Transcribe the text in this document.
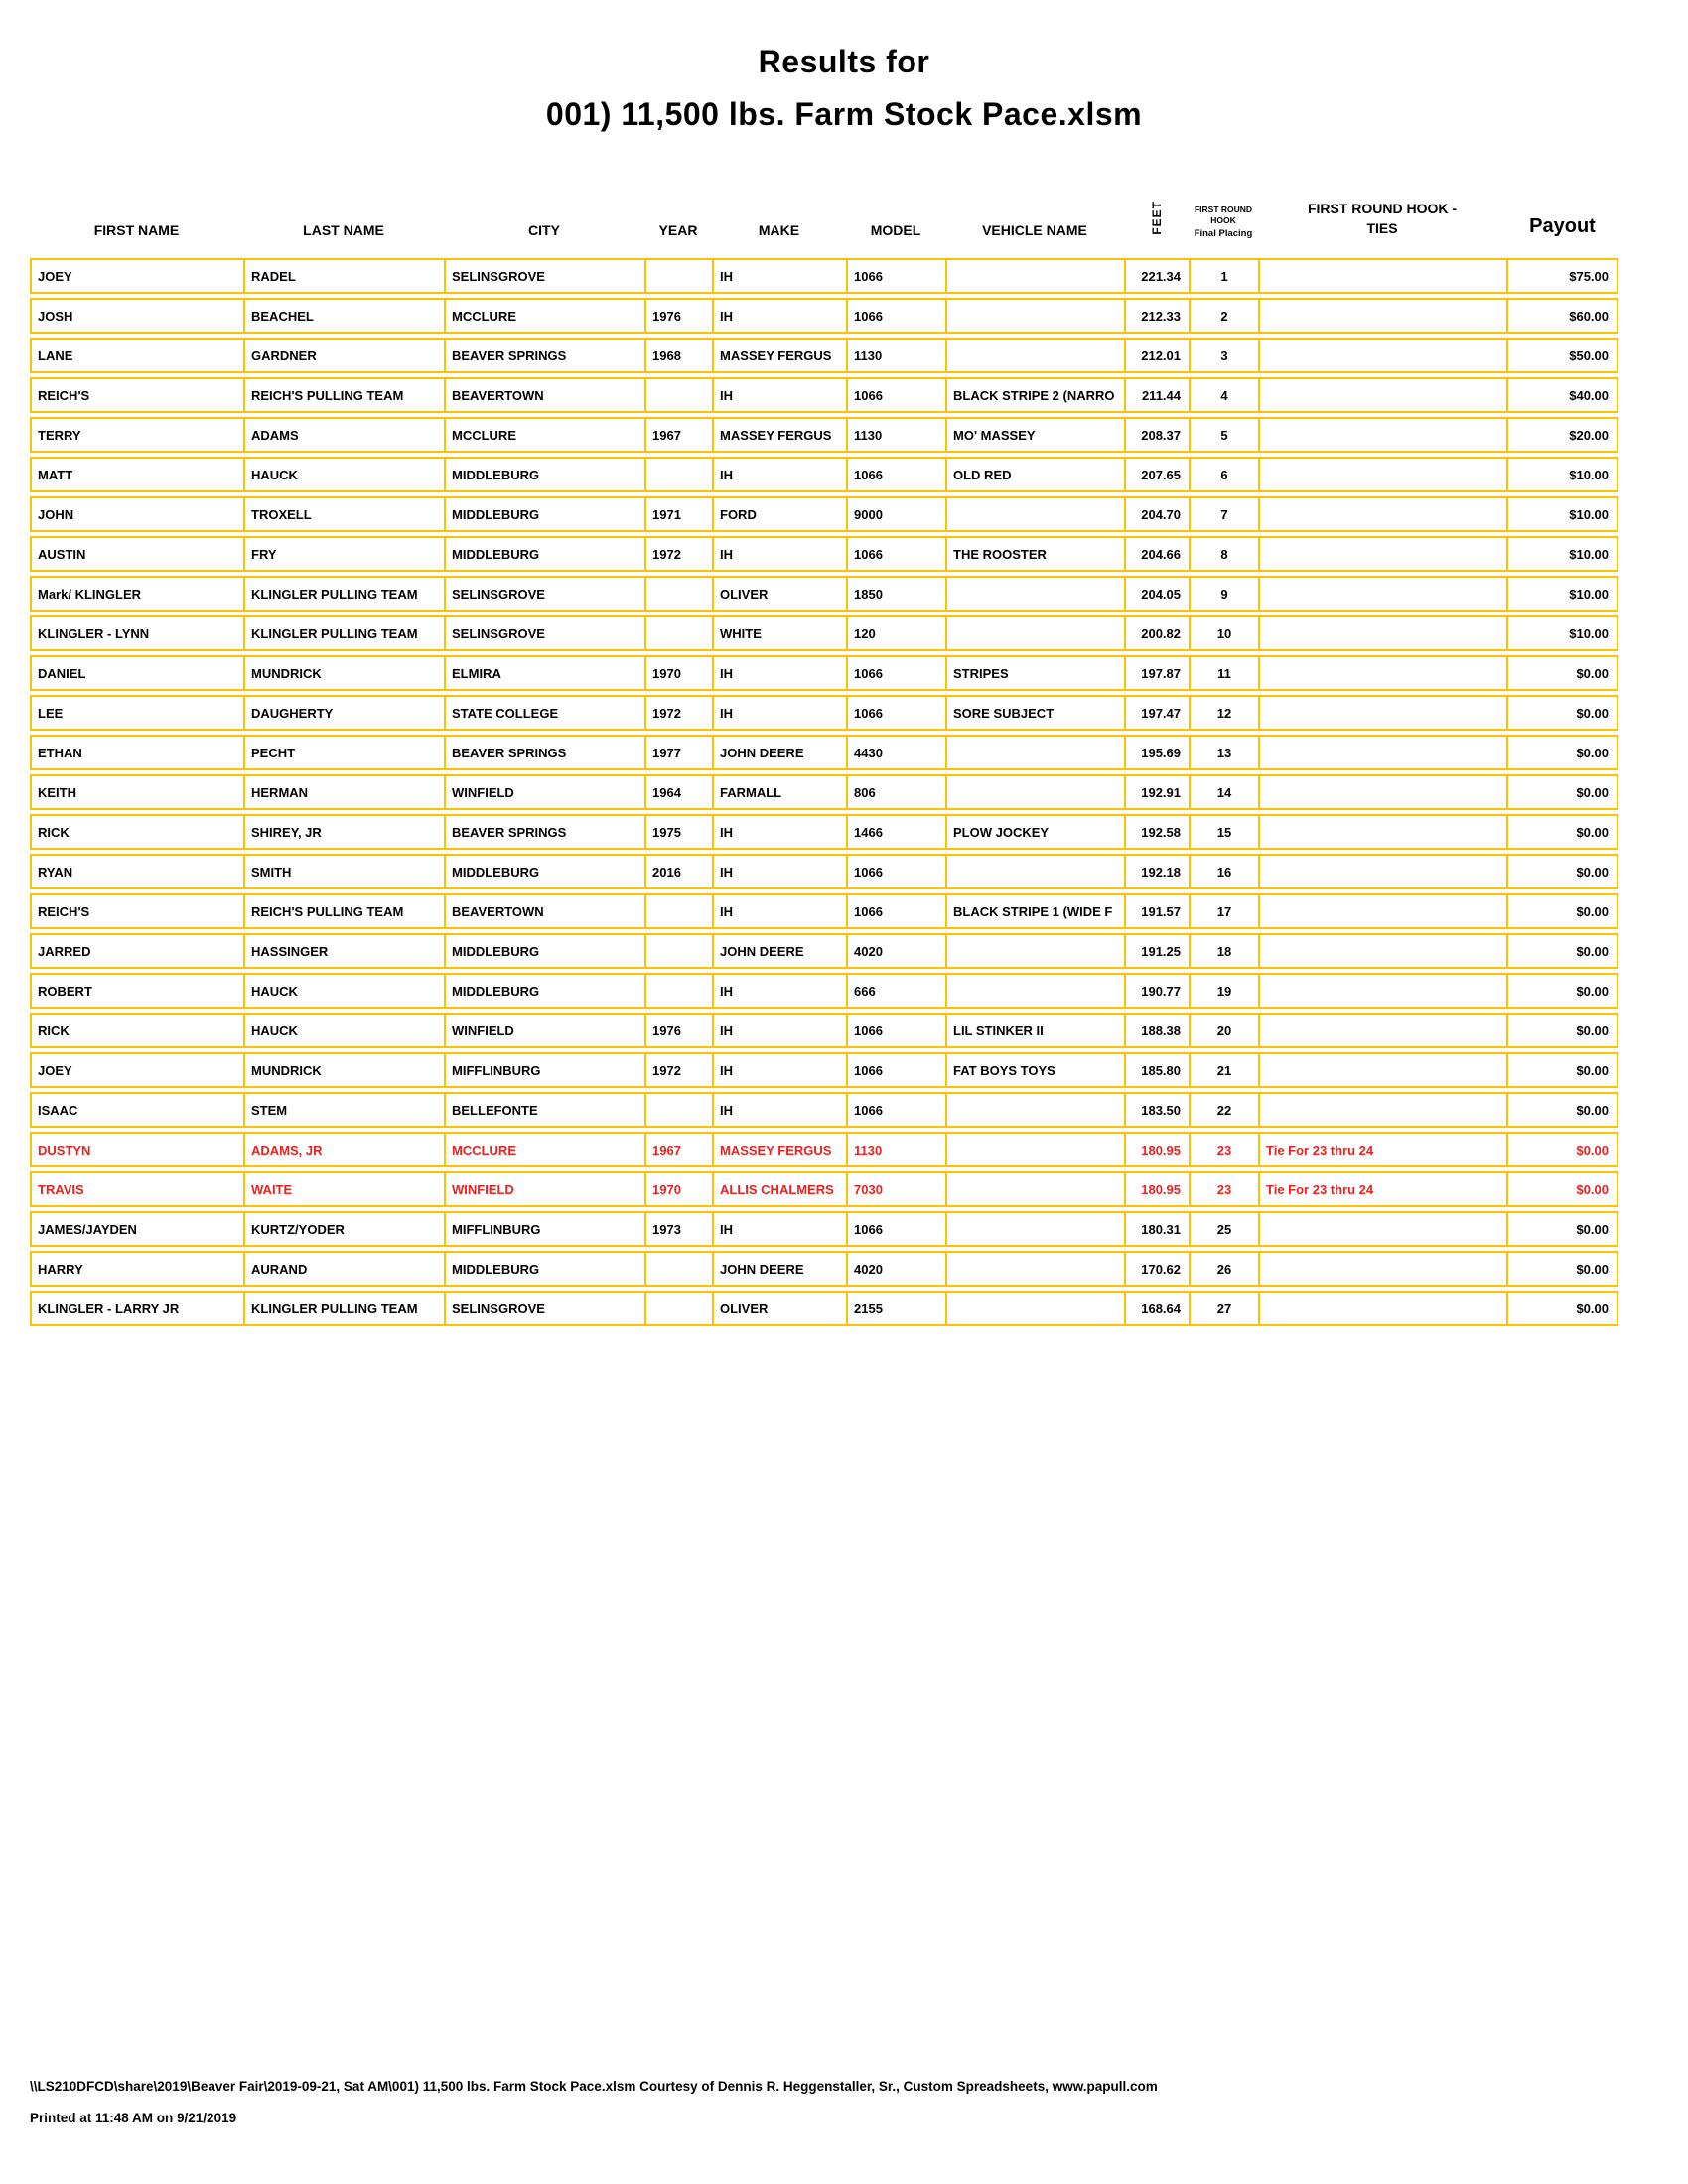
Results for
001) 11,500 lbs. Farm Stock Pace.xlsm
FIRST NAME	LAST NAME	CITY	YEAR	MAKE	MODEL	VEHICLE NAME	FEET	FIRST ROUND HOOK
Final Placing	FIRST ROUND HOOK - TIES	Payout
JOEY	RADEL	SELINSGROVE		IH	1066		221.34	1		$75.00
JOSH	BEACHEL	MCCLURE	1976	IH	1066		212.33	2		$60.00
LANE	GARDNER	BEAVER SPRINGS	1968	MASSEY FERGUS	1130		212.01	3		$50.00
REICH'S	REICH'S PULLING TEAM	BEAVERTOWN		IH	1066	BLACK STRIPE 2 (NARRO	211.44	4		$40.00
TERRY	ADAMS	MCCLURE	1967	MASSEY FERGUS	1130	MO' MASSEY	208.37	5		$20.00
MATT	HAUCK	MIDDLEBURG		IH	1066	OLD RED	207.65	6		$10.00
JOHN	TROXELL	MIDDLEBURG	1971	FORD	9000		204.70	7		$10.00
AUSTIN	FRY	MIDDLEBURG	1972	IH	1066	THE ROOSTER	204.66	8		$10.00
Mark/ KLINGLER	KLINGLER PULLING TEAM	SELINSGROVE		OLIVER	1850		204.05	9		$10.00
KLINGLER - LYNN	KLINGLER PULLING TEAM	SELINSGROVE		WHITE	120		200.82	10		$10.00
DANIEL	MUNDRICK	ELMIRA	1970	IH	1066	STRIPES	197.87	11		$0.00
LEE	DAUGHERTY	STATE COLLEGE	1972	IH	1066	SORE SUBJECT	197.47	12		$0.00
ETHAN	PECHT	BEAVER SPRINGS	1977	JOHN DEERE	4430		195.69	13		$0.00
KEITH	HERMAN	WINFIELD	1964	FARMALL	806		192.91	14		$0.00
RICK	SHIREY, JR	BEAVER SPRINGS	1975	IH	1466	PLOW JOCKEY	192.58	15		$0.00
RYAN	SMITH	MIDDLEBURG	2016	IH	1066		192.18	16		$0.00
REICH'S	REICH'S PULLING TEAM	BEAVERTOWN		IH	1066	BLACK STRIPE 1 (WIDE F	191.57	17		$0.00
JARRED	HASSINGER	MIDDLEBURG		JOHN DEERE	4020		191.25	18		$0.00
ROBERT	HAUCK	MIDDLEBURG		IH	666		190.77	19		$0.00
RICK	HAUCK	WINFIELD	1976	IH	1066	LIL STINKER II	188.38	20		$0.00
JOEY	MUNDRICK	MIFFLINBURG	1972	IH	1066	FAT BOYS TOYS	185.80	21		$0.00
ISAAC	STEM	BELLEFONTE		IH	1066		183.50	22		$0.00
DUSTYN	ADAMS, JR	MCCLURE	1967	MASSEY FERGUS	1130		180.95	23	Tie For 23 thru 24	$0.00
TRAVIS	WAITE	WINFIELD	1970	ALLIS CHALMERS	7030		180.95	23	Tie For 23 thru 24	$0.00
JAMES/JAYDEN	KURTZ/YODER	MIFFLINBURG	1973	IH	1066		180.31	25		$0.00
HARRY	AURAND	MIDDLEBURG		JOHN DEERE	4020		170.62	26		$0.00
KLINGLER - LARRY JR	KLINGLER PULLING TEAM	SELINSGROVE		OLIVER	2155		168.64	27		$0.00
\\LS210DFCD\share\2019\Beaver Fair\2019-09-21, Sat AM\001) 11,500 lbs. Farm Stock Pace.xlsm Courtesy of Dennis R. Heggenstaller, Sr., Custom Spreadsheets, www.papull.com
Printed at 11:48 AM on 9/21/2019
